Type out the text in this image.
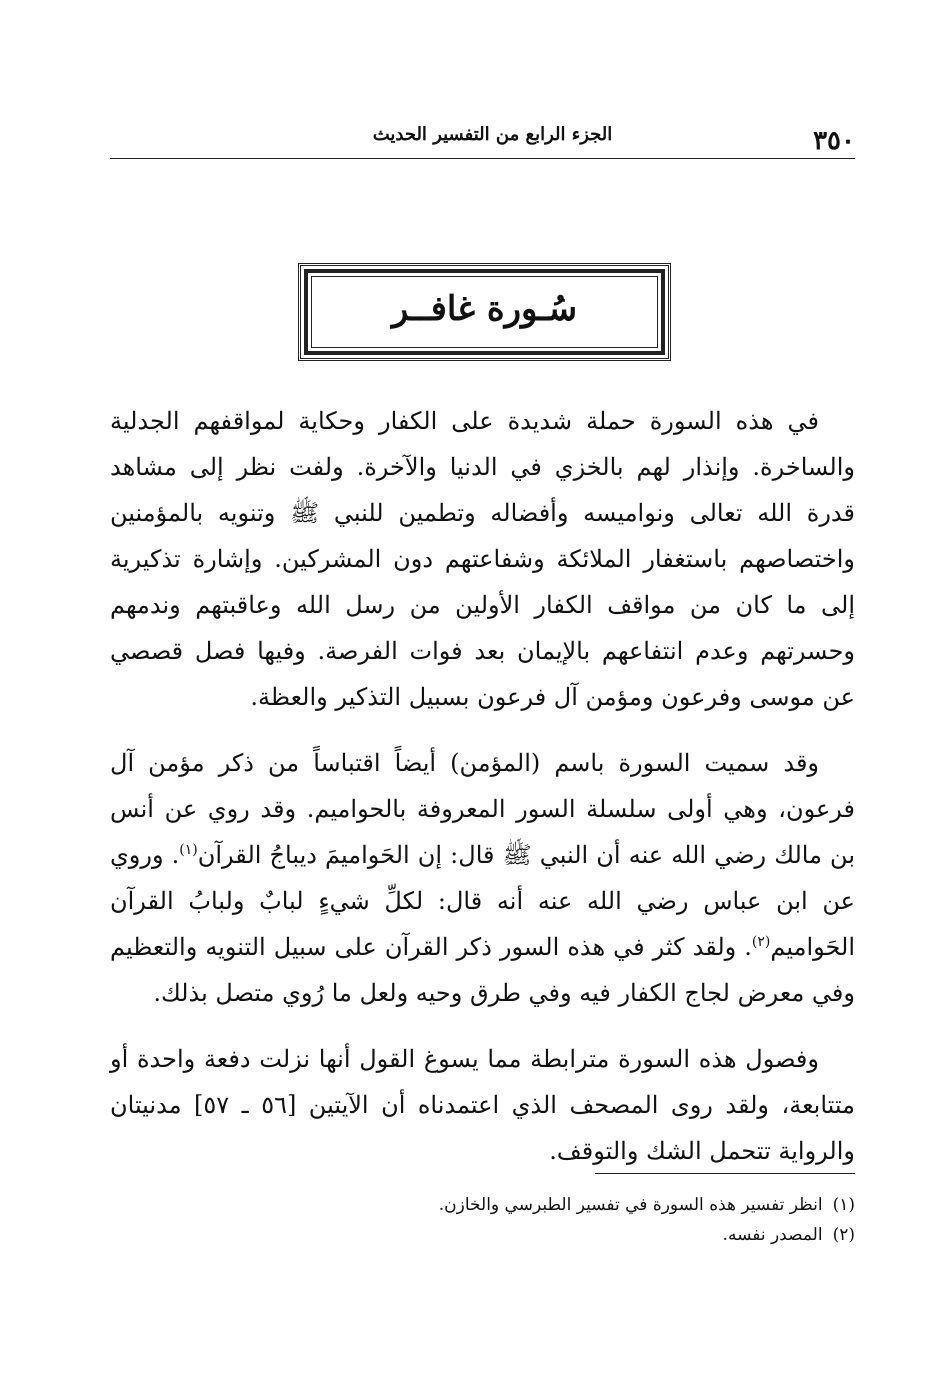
٣٥٠
الجزء الرابع من التفسير الحديث
سُـورة غافــر

في هذه السورة حملة شديدة على الكفار وحكاية لمواقفهم الجدلية والساخرة. وإنذار لهم بالخزي في الدنيا والآخرة. ولفت نظر إلى مشاهد قدرة الله تعالى ونواميسه وأفضاله وتطمين للنبي ﷺ وتنويه بالمؤمنين واختصاصهم باستغفار الملائكة وشفاعتهم دون المشركين. وإشارة تذكيرية إلى ما كان من مواقف الكفار الأولين من رسل الله وعاقبتهم وندمهم وحسرتهم وعدم انتفاعهم بالإيمان بعد فوات الفرصة. وفيها فصل قصصي عن موسى وفرعون ومؤمن آل فرعون بسبيل التذكير والعظة.

وقد سميت السورة باسم (المؤمن) أيضاً اقتباساً من ذكر مؤمن آل فرعون، وهي أولى سلسلة السور المعروفة بالحواميم. وقد روي عن أنس بن مالك رضي الله عنه أن النبي ﷺ قال: إن الحَواميمَ ديباجُ القرآن$^{(١)}$. وروي عن ابن عباس رضي الله عنه أنه قال: لكلِّ شيءٍ لبابٌ ولبابُ القرآن الحَواميم$^{(٢)}$. ولقد كثر في هذه السور ذكر القرآن على سبيل التنويه والتعظيم وفي معرض لجاج الكفار فيه وفي طرق وحيه ولعل ما رُوي متصل بذلك.

وفصول هذه السورة مترابطة مما يسوغ القول أنها نزلت دفعة واحدة أو متتابعة، ولقد روى المصحف الذي اعتمدناه أن الآيتين [٥٦ ـ ٥٧] مدنيتان والرواية تتحمل الشك والتوقف.

(١)انظر تفسير هذه السورة في تفسير الطبرسي والخازن.
(٢)المصدر نفسه.
